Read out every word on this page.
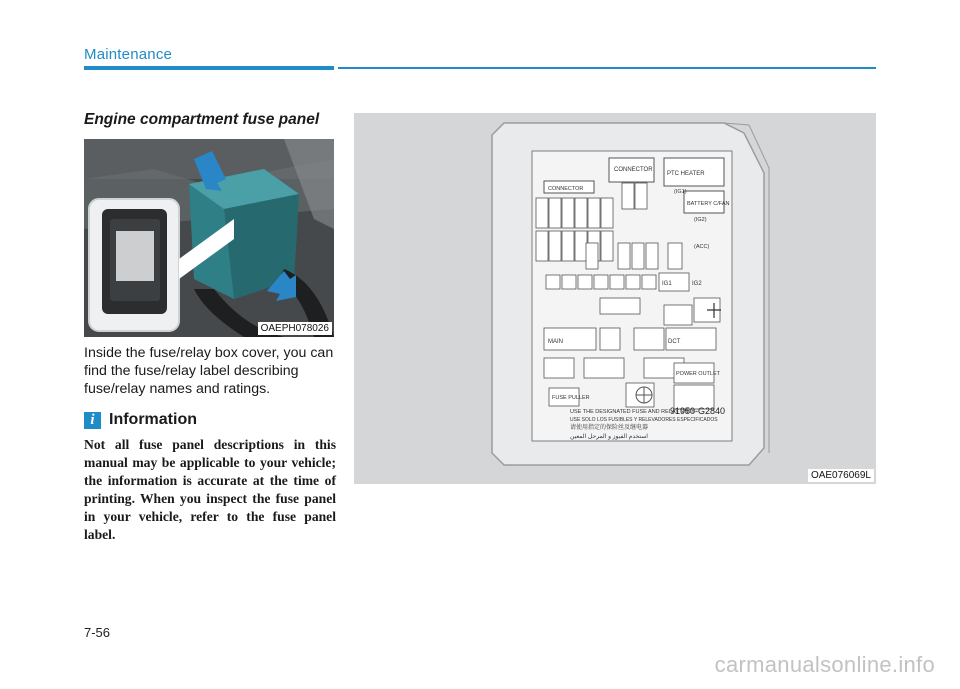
Maintenance
Engine compartment fuse panel
OAEPH078026
Inside the fuse/relay box cover, you can find the fuse/relay label describing fuse/relay names and ratings.
i Information
Not all fuse panel descriptions in this manual may be applicable to your vehicle; the information is accurate at the time of printing. When you inspect the fuse panel in your vehicle, refer to the fuse panel label.
CONNECTOR
CONNECTOR
PTC HEATER
BATTERY C/FAN
(IG1)
(IG2)
(ACC)
IG1	IG2
MAIN	DCT
POWER OUTLET
FUSE PULLER
91950-G2840
USE THE DESIGNATED FUSE AND RELAY ONLY.
USE SOLO LOS FUSIBLES Y RELEVADORES ESPECIFICADOS
请使用指定的保险丝及继电器
استخدم الفيوز و المرحل المعين
OAE076069L
7-56
carmanualsonline.info
